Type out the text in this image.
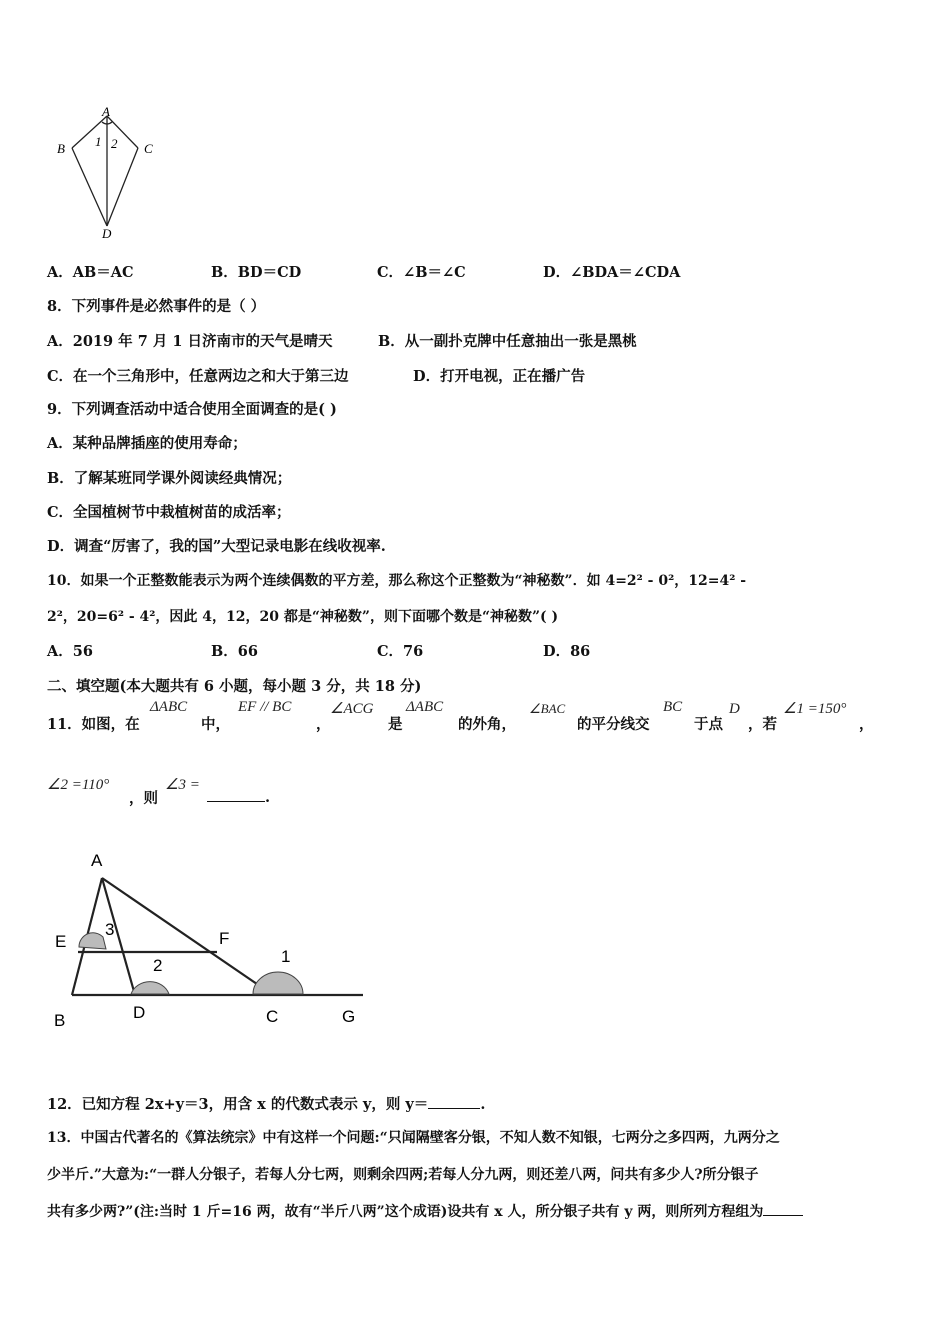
A
B	C
D
1 2
A．AB＝AC	B．BD＝CD	C．∠B＝∠C	D．∠BDA＝∠CDA
8．下列事件是必然事件的是（ ）
A．2019 年 7 月 1 日济南市的天气是晴天	B．从一副扑克牌中任意抽出一张是黑桃
C．在一个三角形中，任意两边之和大于第三边	D．打开电视，正在播广告
9．下列调查活动中适合使用全面调查的是( )
A．某种品牌插座的使用寿命；
B．了解某班同学课外阅读经典情况；
C．全国植树节中栽植树苗的成活率；
D．调查“厉害了，我的国”大型记录电影在线收视率.
10．如果一个正整数能表示为两个连续偶数的平方差，那么称这个正整数为“神秘数”．如 4=2² - 0²，12=4² -
2²，20=6² - 4²，因此 4，12，20 都是“神秘数”，则下面哪个数是“神秘数”( )
A．56	B．66	C．76	D．86
二、填空题(本大题共有 6 小题，每小题 3 分，共 18 分)
11．如图，在
ΔABC
中，
EF // BC
，
∠ACG
是
ΔABC
的外角，
∠BAC
的平分线交
BC
于点
D
，若
∠1 =150°
，
∠2 =110°
，则
∠3 =
.
A
E	F
B	D	C	G
1
2
3
12．已知方程 2x+y＝3，用含 x 的代数式表示 y，则 y＝	.
13．中国古代著名的《算法统宗》中有这样一个问题:“只闻隔壁客分银，不知人数不知银，七两分之多四两，九两分之
少半斤.”大意为:“一群人分银子，若每人分七两，则剩余四两;若每人分九两，则还差八两，问共有多少人?所分银子
共有多少两?”(注:当时 1 斤=16 两，故有“半斤八两”这个成语)设共有 x 人，所分银子共有 y 两，则所列方程组为
